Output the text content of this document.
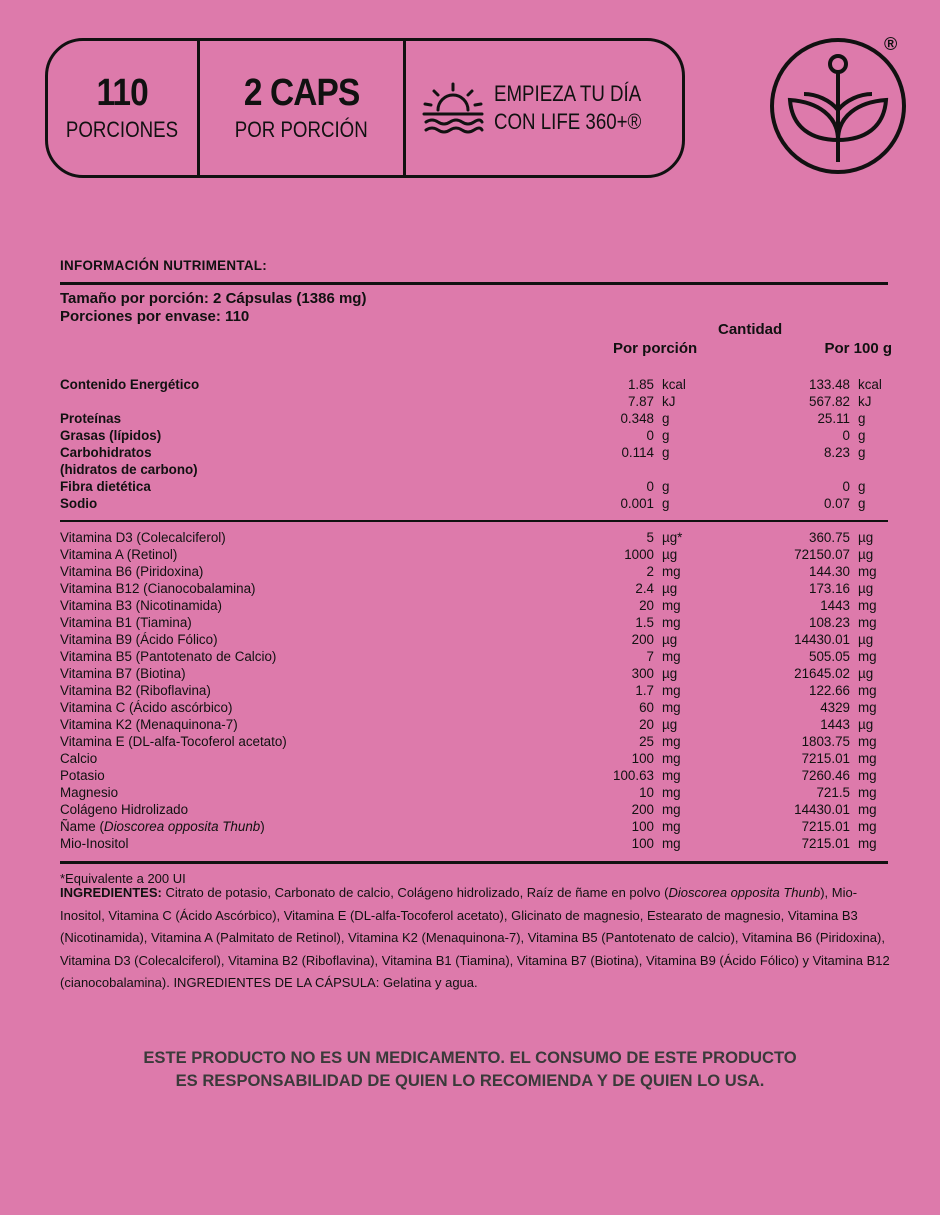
110
PORCIONES
2 CAPS
POR PORCIÓN
EMPIEZA TU DÍA
CON LIFE 360+®
®
INFORMACIÓN NUTRIMENTAL:
Tamaño por porción: 2 Cápsulas (1386 mg)
Porciones por envase: 110
Cantidad
Por porción	Por 100 g
Contenido Energético	1.85 kcal	133.48 kcal
7.87 kJ	567.82 kJ
Proteínas	0.348 g	25.11 g
Grasas (lípidos)	0 g	0 g
Carbohidratos	0.114 g	8.23 g
(hidratos de carbono)
Fibra dietética	0 g	0 g
Sodio	0.001 g	0.07 g
Vitamina D3 (Colecalciferol)	5 µg*	360.75 µg
Vitamina A (Retinol)	1000 µg	72150.07 µg
Vitamina B6 (Piridoxina)	2 mg	144.30 mg
Vitamina B12 (Cianocobalamina)	2.4 µg	173.16 µg
Vitamina B3 (Nicotinamida)	20 mg	1443 mg
Vitamina B1 (Tiamina)	1.5 mg	108.23 mg
Vitamina B9 (Ácido Fólico)	200 µg	14430.01 µg
Vitamina B5 (Pantotenato de Calcio)	7 mg	505.05 mg
Vitamina B7 (Biotina)	300 µg	21645.02 µg
Vitamina B2 (Riboflavina)	1.7 mg	122.66 mg
Vitamina C (Ácido ascórbico)	60 mg	4329 mg
Vitamina K2 (Menaquinona-7)	20 µg	1443 µg
Vitamina E (DL-alfa-Tocoferol acetato)	25 mg	1803.75 mg
Calcio	100 mg	7215.01 mg
Potasio	100.63 mg	7260.46 mg
Magnesio	10 mg	721.5 mg
Colágeno Hidrolizado	200 mg	14430.01 mg
Ñame (Dioscorea opposita Thunb)	100 mg	7215.01 mg
Mio-Inositol	100 mg	7215.01 mg
*Equivalente a 200 UI
INGREDIENTES: Citrato de potasio, Carbonato de calcio, Colágeno hidrolizado, Raíz de ñame en polvo (Dioscorea opposita Thunb), Mio-Inositol, Vitamina C (Ácido Ascórbico), Vitamina E (DL-alfa-Tocoferol acetato), Glicinato de magnesio, Estearato de magnesio, Vitamina B3 (Nicotinamida), Vitamina A (Palmitato de Retinol), Vitamina K2 (Menaquinona-7), Vitamina B5 (Pantotenato de calcio), Vitamina B6 (Piridoxina), Vitamina D3 (Colecalciferol), Vitamina B2 (Riboflavina), Vitamina B1 (Tiamina), Vitamina B7 (Biotina), Vitamina B9 (Ácido Fólico) y Vitamina B12 (cianocobalamina). INGREDIENTES DE LA CÁPSULA: Gelatina y agua.
ESTE PRODUCTO NO ES UN MEDICAMENTO. EL CONSUMO DE ESTE PRODUCTO
ES RESPONSABILIDAD DE QUIEN LO RECOMIENDA Y DE QUIEN LO USA.
